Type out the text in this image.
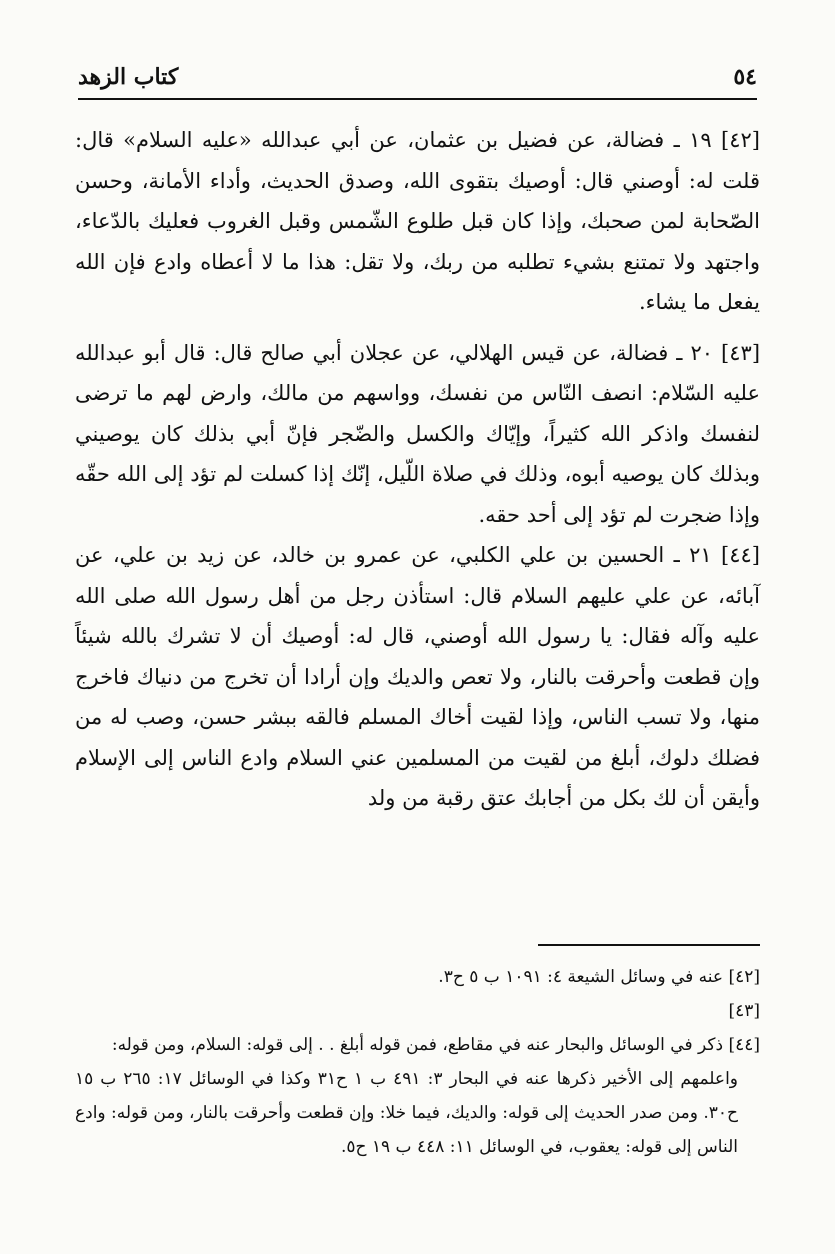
٥٤
كتاب الزهد

[٤٢] ١٩ ـ فضالة، عن فضيل بن عثمان، عن أبي عبدالله «عليه السلام» قال: قلت له: أوصني قال: أوصيك بتقوى الله، وصدق الحديث، وأداء الأمانة، وحسن الصّحابة لمن صحبك، وإذا كان قبل طلوع الشّمس وقبل الغروب فعليك بالدّعاء، واجتهد ولا تمتنع بشيء تطلبه من ربك، ولا تقل: هذا ما لا أعطاه وادع فإن الله يفعل ما يشاء.

[٤٣] ٢٠ ـ فضالة، عن قيس الهلالي، عن عجلان أبي صالح قال: قال أبو عبدالله عليه السّلام: انصف النّاس من نفسك، وواسهم من مالك، وارض لهم ما ترضى لنفسك واذكر الله كثيراً، وإيّاك والكسل والضّجر فإنّ أبي بذلك كان يوصيني وبذلك كان يوصيه أبوه، وذلك في صلاة اللّيل، إنّك إذا كسلت لم تؤد إلى الله حقّه وإذا ضجرت لم تؤد إلى أحد حقه.

[٤٤] ٢١ ـ الحسين بن علي الكلبي، عن عمرو بن خالد، عن زيد بن علي، عن آبائه، عن علي عليهم السلام قال: استأذن رجل من أهل رسول الله صلى الله عليه وآله فقال: يا رسول الله أوصني، قال له: أوصيك أن لا تشرك بالله شيئاً وإن قطعت وأحرقت بالنار، ولا تعص والديك وإن أرادا أن تخرج من دنياك فاخرج منها، ولا تسب الناس، وإذا لقيت أخاك المسلم فالقه ببشر حسن، وصب له من فضلك دلوك، أبلغ من لقيت من المسلمين عني السلام وادع الناس إلى الإسلام وأيقن أن لك بكل من أجابك عتق رقبة من ولد

[٤٢] عنه في وسائل الشيعة ٤: ١٠٩١ ب ٥ ح٣.

[٤٣]

[٤٤] ذكر في الوسائل والبحار عنه في مقاطع، فمن قوله أبلغ . . إلى قوله: السلام، ومن قوله:

واعلمهم إلى الأخير ذكرها عنه في البحار ٣: ٤٩١ ب ١ ح٣١ وكذا في الوسائل ١٧: ٢٦٥ ب ١٥ ح٣٠. ومن صدر الحديث إلى قوله: والديك، فيما خلا: وإن قطعت وأحرقت بالنار، ومن قوله: وادع الناس إلى قوله: يعقوب، في الوسائل ١١: ٤٤٨ ب ١٩ ح٥.
